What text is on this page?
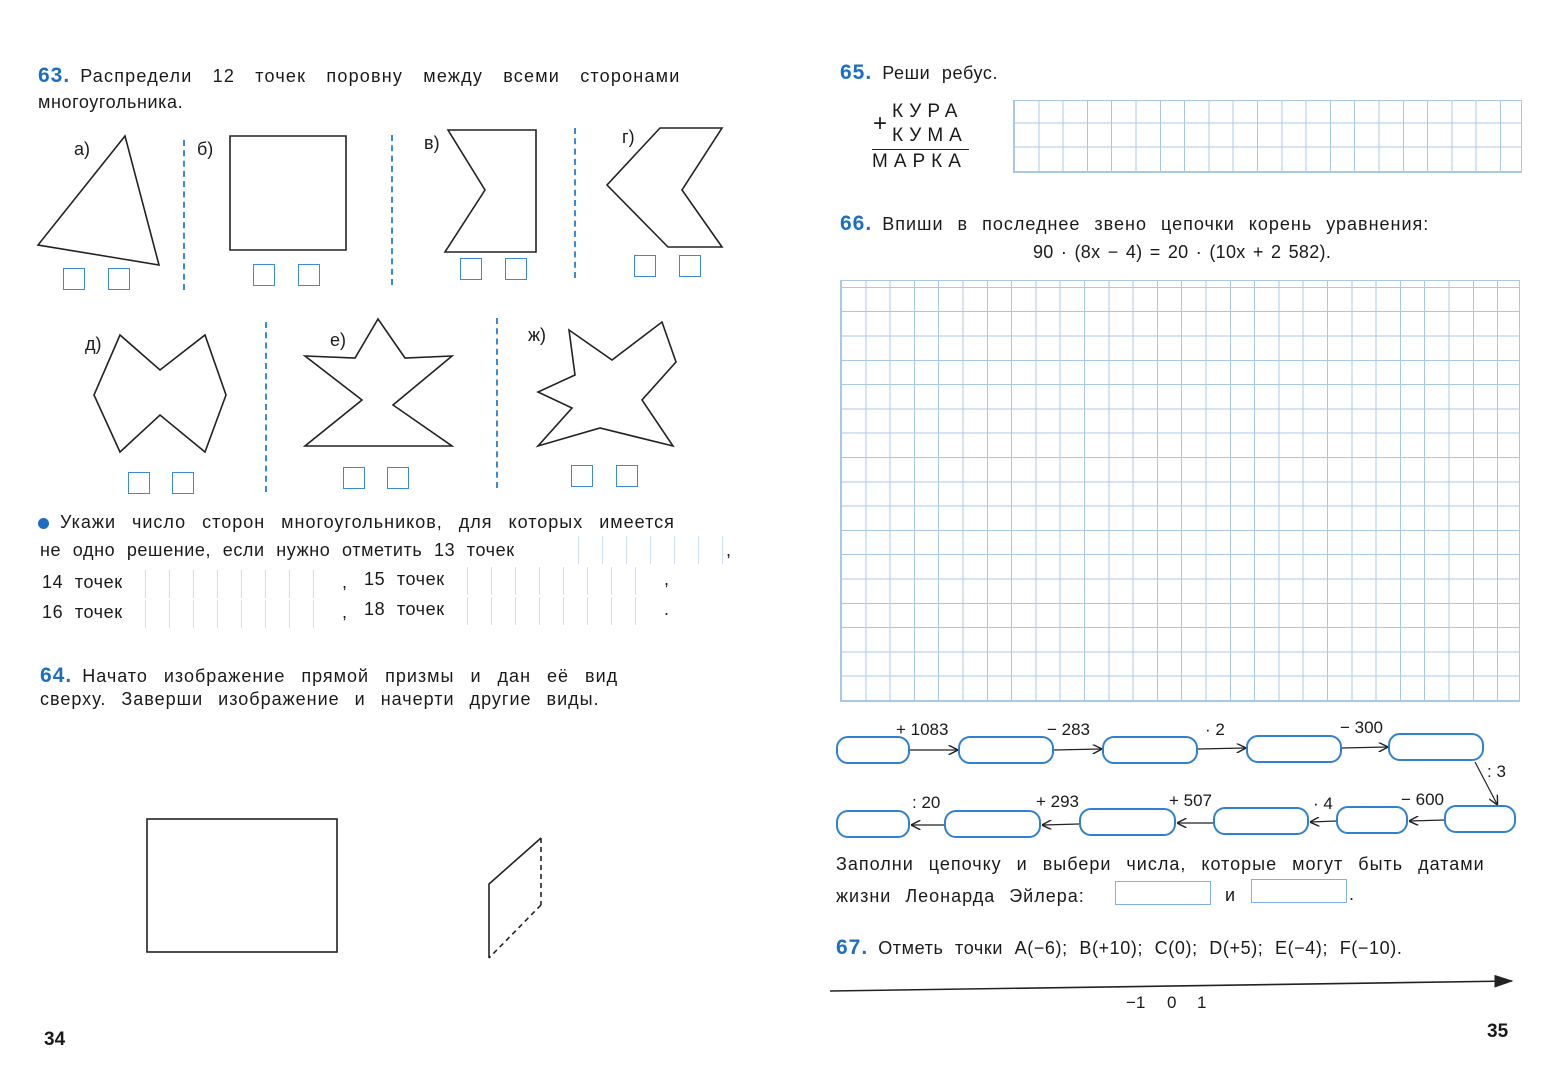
63. Распредели 12 точек поровну между всеми сторонами
многоугольника.
а)	б)	в)	г)
д)	е)	ж)
Укажи число сторон многоугольников, для которых имеется
не одно решение, если нужно отметить 13 точек	,
14 точек	, 15 точек	,
16 точек	, 18 точек	.
64. Начато изображение прямой призмы и дан её вид
сверху. Заверши изображение и начерти другие виды.
34
65. Реши ребус.
+ КУРА
КУМА
МАРКА
66. Впиши в последнее звено цепочки корень уравнения:
90 · (8x − 4) = 20 · (10x + 2 582).
+ 1083	− 283	· 2	− 300
: 3
− 600
· 4
+ 507
+ 293
: 20
Заполни цепочку и выбери числа, которые могут быть датами
жизни Леонарда Эйлера:	и	.
67. Отметь точки A(−6); B(+10); C(0); D(+5); E(−4); F(−10).
−1 0 1
35
